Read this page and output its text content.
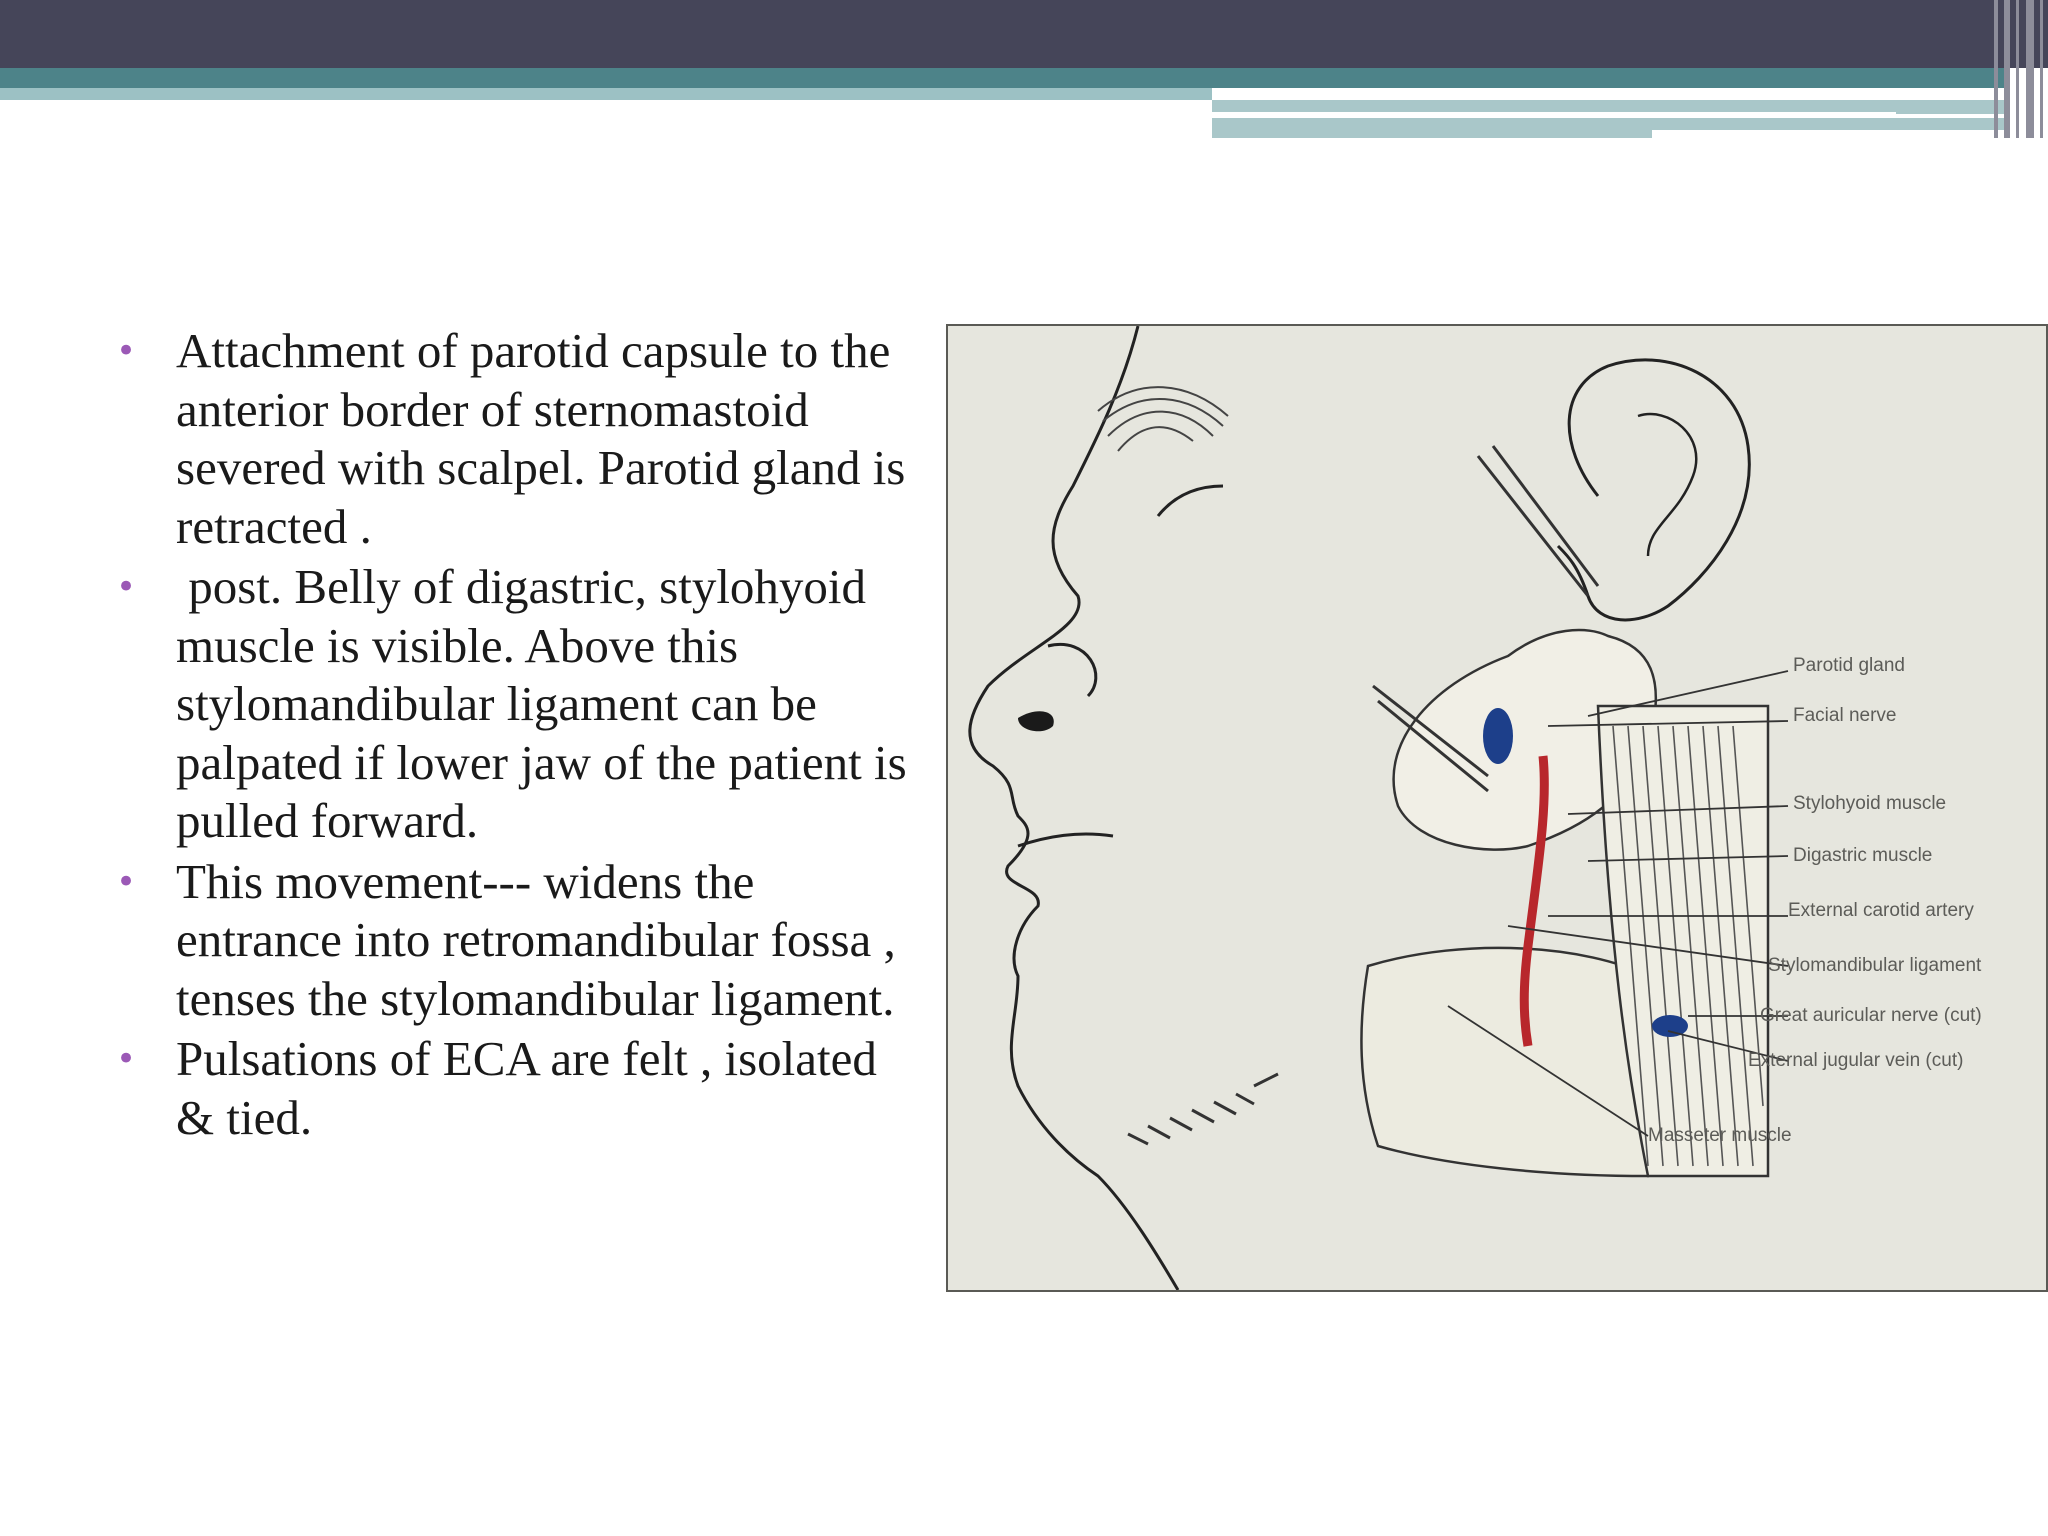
• Attachment of parotid capsule to the anterior border of sternomastoid severed with scalpel. Parotid gland is retracted .
• post. Belly of digastric, stylohyoid muscle is visible. Above this stylomandibular ligament can be palpated if lower jaw of the patient is pulled forward.
• This movement--- widens the entrance into retromandibular fossa , tenses the stylomandibular ligament.
• Pulsations of ECA are felt , isolated & tied.
Parotid gland
Facial nerve
Stylohyoid muscle
Digastric muscle
External carotid artery
Stylomandibular ligament
Great auricular nerve (cut)
External jugular vein (cut)
Masseter muscle
